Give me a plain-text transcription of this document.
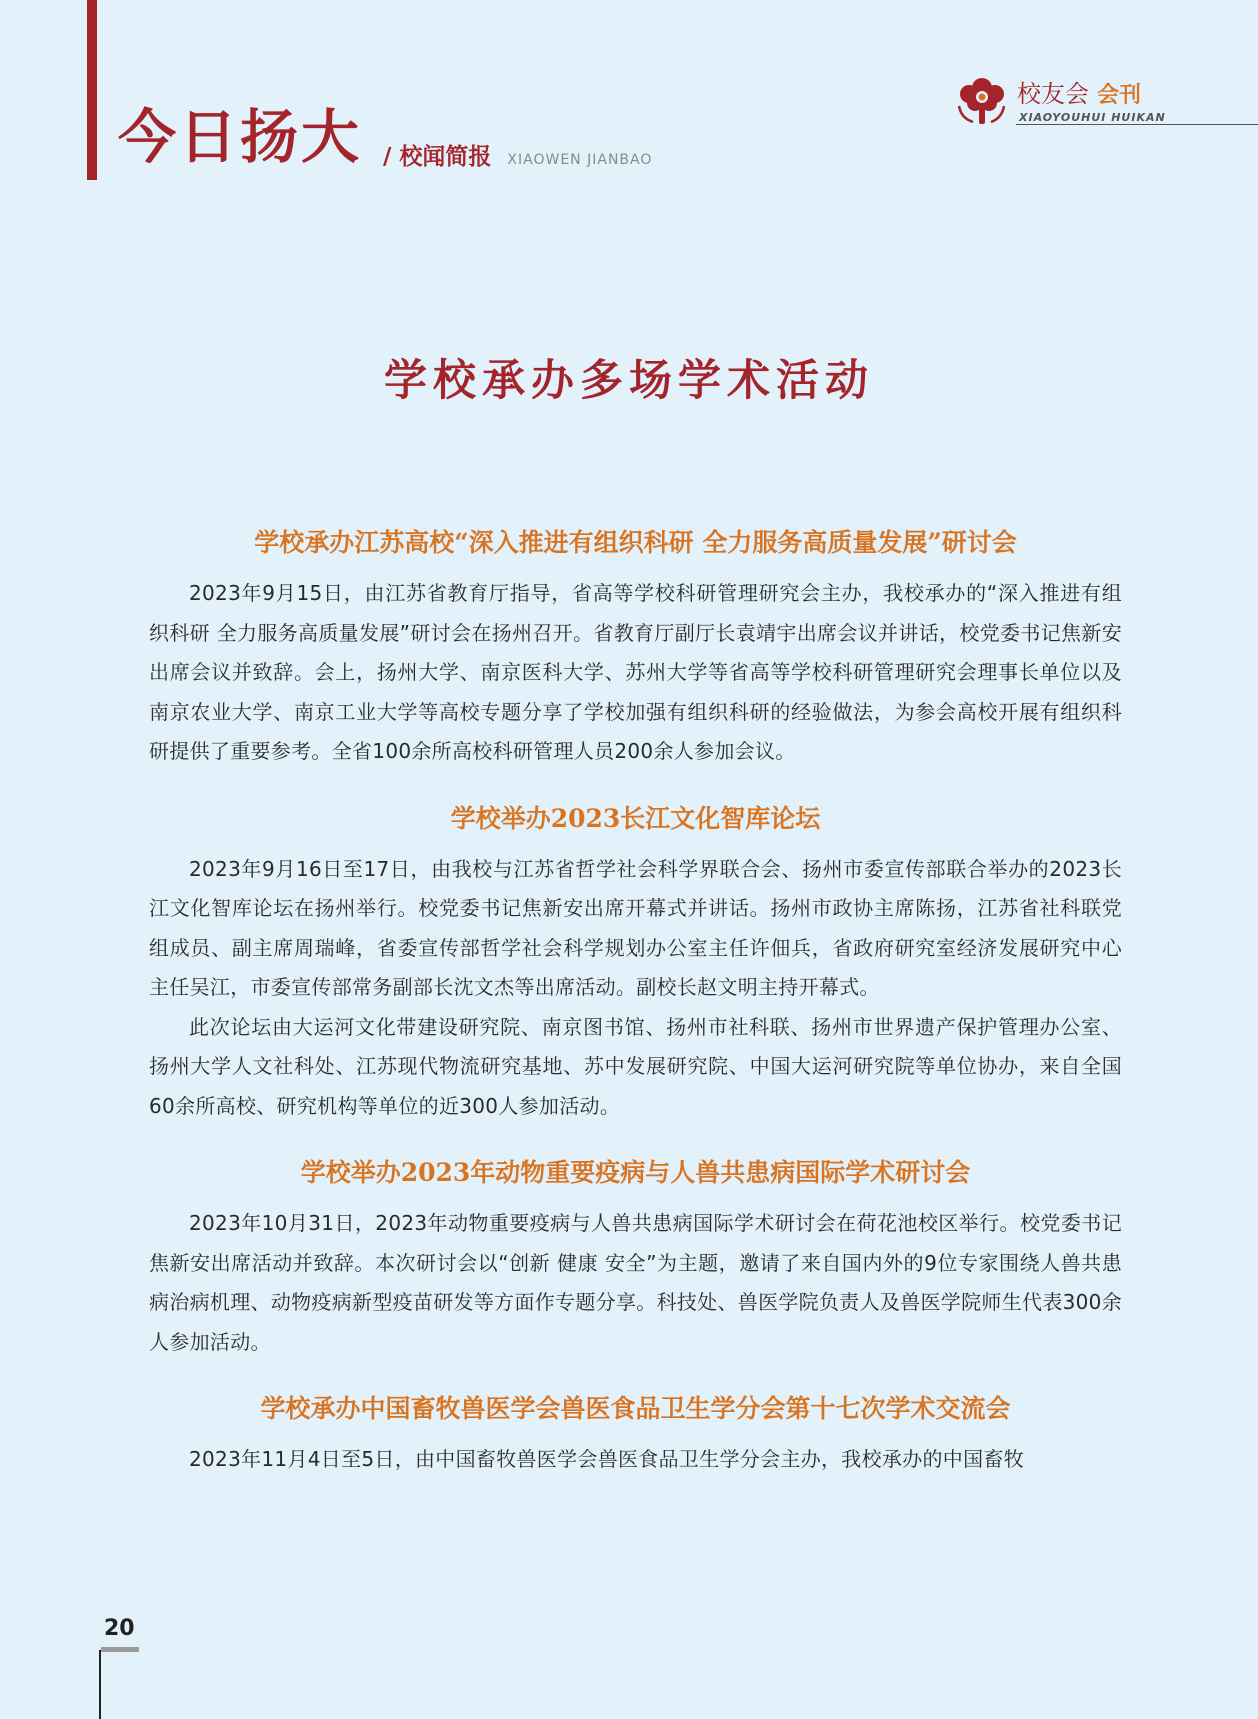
今日扬大 / 校闻简报 XIAOWEN JIANBAO
校友会 会刊
XIAOYOUHUI HUIKAN
学校承办多场学术活动
学校承办江苏高校“深入推进有组织科研 全力服务高质量发展”研讨会

2023年9月15日，由江苏省教育厅指导，省高等学校科研管理研究会主办，我校承办的“深入推进有组织科研 全力服务高质量发展”研讨会在扬州召开。省教育厅副厅长袁靖宇出席会议并讲话，校党委书记焦新安出席会议并致辞。会上，扬州大学、南京医科大学、苏州大学等省高等学校科研管理研究会理事长单位以及南京农业大学、南京工业大学等高校专题分享了学校加强有组织科研的经验做法，为参会高校开展有组织科研提供了重要参考。全省100余所高校科研管理人员200余人参加会议。

学校举办2023长江文化智库论坛

2023年9月16日至17日，由我校与江苏省哲学社会科学界联合会、扬州市委宣传部联合举办的2023长江文化智库论坛在扬州举行。校党委书记焦新安出席开幕式并讲话。扬州市政协主席陈扬，江苏省社科联党组成员、副主席周瑞峰，省委宣传部哲学社会科学规划办公室主任许佃兵，省政府研究室经济发展研究中心主任吴江，市委宣传部常务副部长沈文杰等出席活动。副校长赵文明主持开幕式。

此次论坛由大运河文化带建设研究院、南京图书馆、扬州市社科联、扬州市世界遗产保护管理办公室、扬州大学人文社科处、江苏现代物流研究基地、苏中发展研究院、中国大运河研究院等单位协办，来自全国60余所高校、研究机构等单位的近300人参加活动。

学校举办2023年动物重要疫病与人兽共患病国际学术研讨会

2023年10月31日，2023年动物重要疫病与人兽共患病国际学术研讨会在荷花池校区举行。校党委书记焦新安出席活动并致辞。本次研讨会以“创新 健康 安全”为主题，邀请了来自国内外的9位专家围绕人兽共患病治病机理、动物疫病新型疫苗研发等方面作专题分享。科技处、兽医学院负责人及兽医学院师生代表300余人参加活动。

学校承办中国畜牧兽医学会兽医食品卫生学分会第十七次学术交流会

2023年11月4日至5日，由中国畜牧兽医学会兽医食品卫生学分会主办，我校承办的中国畜牧

20
